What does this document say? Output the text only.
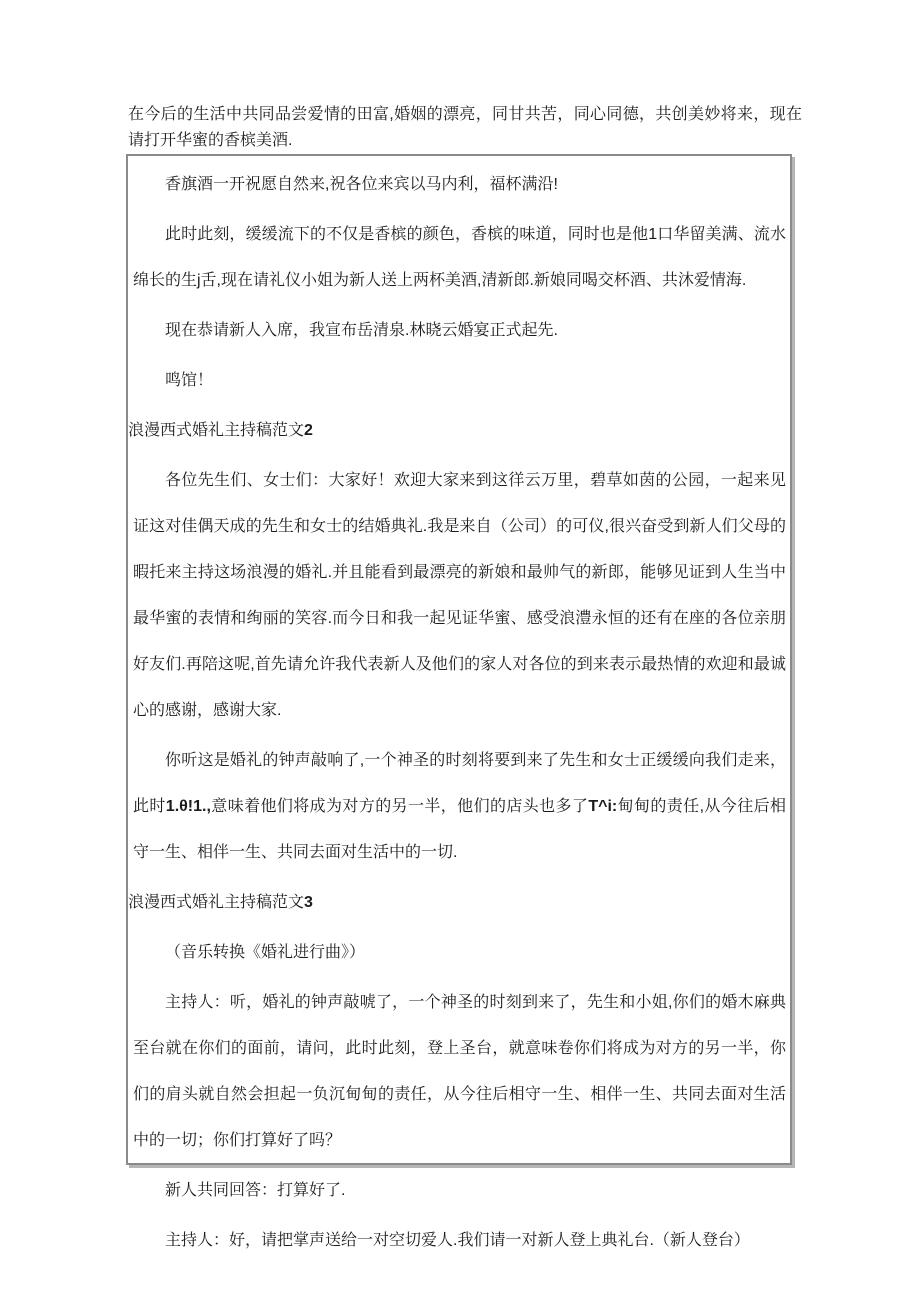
在今后的生活中共同品尝爱情的田富,婚姻的漂亮，同甘共苦，同心同德，共创美妙将来，现在请打开华蜜的香槟美酒.

香旗酒一开祝愿自然来,祝各位来宾以马内利，福杯满沿!

此时此刻，缓缓流下的不仅是香槟的颜色，香槟的味道，同时也是他1口华留美满、流水绵长的生j舌,现在请礼仪小姐为新人送上两杯美酒,清新郎.新娘同喝交杯酒、共沐爱情海.

现在恭请新人入席，我宣布岳清泉.林晓云婚宴正式起先.

鸣馆！

浪漫西式婚礼主持稿范文2

各位先生们、女士们：大家好！欢迎大家来到这徉云万里，碧草如茵的公园，一起来见证这对佳偶天成的先生和女士的结婚典礼.我是来自（公司）的可仪,很兴奋受到新人们父母的暇托来主持这场浪漫的婚礼.并且能看到最漂亮的新娘和最帅气的新郎，能够见证到人生当中最华蜜的表情和绚丽的笑容.而今日和我一起见证华蜜、感受浪澧永恒的还有在座的各位亲朋好友们.再陪这呢,首先请允许我代表新人及他们的家人对各位的到来表示最热情的欢迎和最诚心的感谢，感谢大家.

你听这是婚礼的钟声敲响了,一个神圣的时刻将要到来了先生和女士正缓缓向我们走来，此时1.θ!1.,意味着他们将成为对方的另一半，他们的店头也多了T^i:甸甸的责任,从今往后相守一生、相伴一生、共同去面对生活中的一切.

浪漫西式婚礼主持稿范文3

（音乐转换《婚礼进行曲》）

主持人：听，婚礼的钟声敲唬了，一个神圣的时刻到来了，先生和小姐,你们的婚木麻典至台就在你们的面前，请问，此时此刻，登上圣台，就意味卷你们将成为对方的另一半，你们的肩头就自然会担起一负沉甸甸的责任，从今往后相守一生、相伴一生、共同去面对生活中的一切；你们打算好了吗？

新人共同回答：打算好了.

主持人：好，请把掌声送给一对空切爱人.我们请一对新人登上典礼台.（新人登台）
